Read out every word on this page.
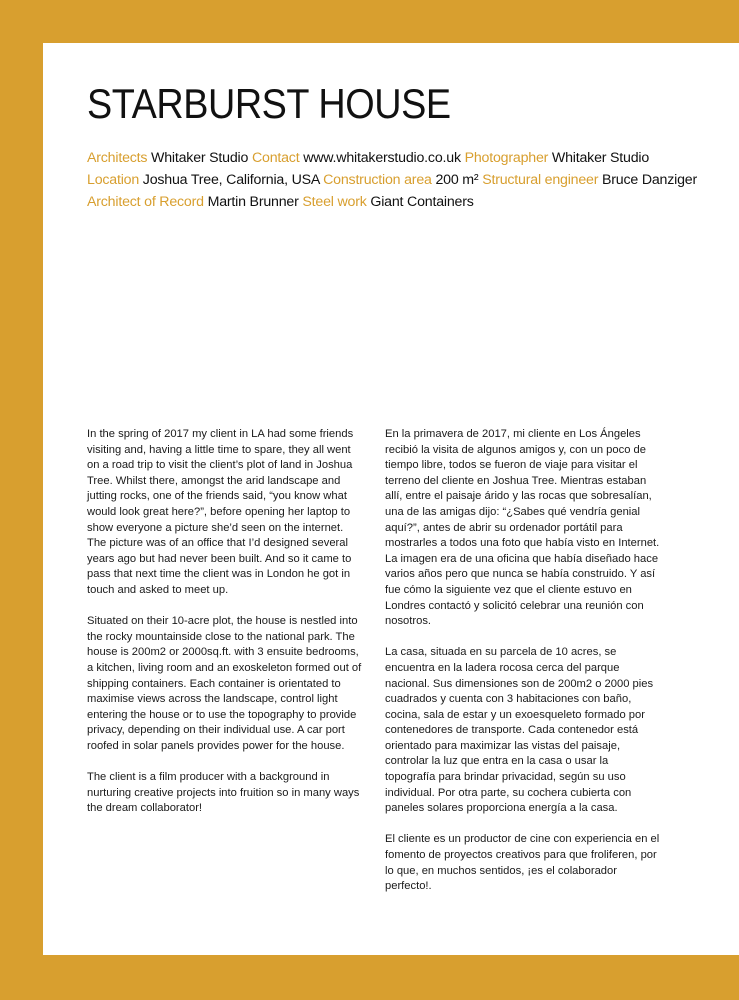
STARBURST HOUSE
Architects Whitaker Studio Contact www.whitakerstudio.co.uk Photographer Whitaker Studio
Location Joshua Tree, California, USA Construction area 200 m² Structural engineer Bruce Danziger
Architect of Record Martin Brunner Steel work Giant Containers

In the spring of 2017 my client in LA had some friends visiting and, having a little time to spare, they all went on a road trip to visit the client’s plot of land in Joshua Tree. Whilst there, amongst the arid landscape and jutting rocks, one of the friends said, “you know what would look great here?”, before opening her laptop to show everyone a picture she’d seen on the internet. The picture was of an office that I’d designed several years ago but had never been built. And so it came to pass that next time the client was in London he got in touch and asked to meet up.

Situated on their 10-acre plot, the house is nestled into the rocky mountainside close to the national park. The house is 200m2 or 2000sq.ft. with 3 ensuite bedrooms, a kitchen, living room and an exoskeleton formed out of shipping containers. Each container is orientated to maximise views across the landscape, control light entering the house or to use the topography to provide privacy, depending on their individual use. A car port roofed in solar panels provides power for the house.

The client is a film producer with a background in nurturing creative projects into fruition so in many ways the dream collaborator!

En la primavera de 2017, mi cliente en Los Ángeles recibió la visita de algunos amigos y, con un poco de tiempo libre, todos se fueron de viaje para visitar el terreno del cliente en Joshua Tree. Mientras estaban allí, entre el paisaje árido y las rocas que sobresalían, una de las amigas dijo: “¿Sabes qué vendría genial aquí?”, antes de abrir su ordenador portátil para mostrarles a todos una foto que había visto en Internet. La imagen era de una oficina que había diseñado hace varios años pero que nunca se había construido. Y así fue cómo la siguiente vez que el cliente estuvo en Londres contactó y solicitó celebrar una reunión con nosotros.

La casa, situada en su parcela de 10 acres, se encuentra en la ladera rocosa cerca del parque nacional. Sus dimensiones son de 200m2 o 2000 pies cuadrados y cuenta con 3 habitaciones con baño, cocina, sala de estar y un exoesqueleto formado por contenedores de transporte. Cada contenedor está orientado para maximizar las vistas del paisaje, controlar la luz que entra en la casa o usar la topografía para brindar privacidad, según su uso individual. Por otra parte, su cochera cubierta con paneles solares proporciona energía a la casa.

El cliente es un productor de cine con experiencia en el fomento de proyectos creativos para que frolifere﻿n, por lo que, en muchos sentidos, ¡es el colaborador perfecto!.
